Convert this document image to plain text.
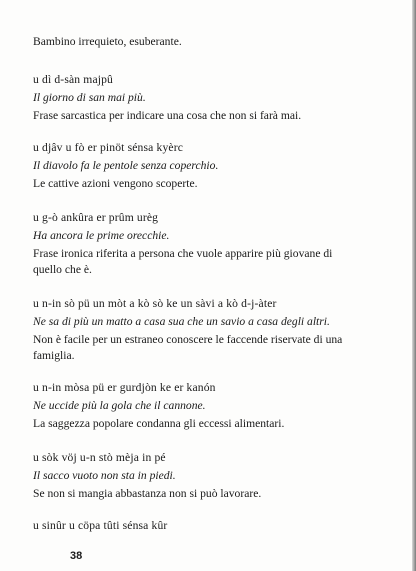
Bambino irrequieto, esuberante.
u dì d-sàn majpû
Il giorno di san mai più.
Frase sarcastica per indicare una cosa che non si farà mai.
u djâv u fò er pinöt sénsa kyèrc
Il diavolo fa le pentole senza coperchio.
Le cattive azioni vengono scoperte.
u g-ò ankûra er prûm urèg
Ha ancora le prime orecchie.
Frase ironica riferita a persona che vuole apparire più giovane di
quello che è.
u n-in sò pü un mòt a kò sò ke un sàvi a kò d-j-àter
Ne sa di più un matto a casa sua che un savio a casa degli altri.
Non è facile per un estraneo conoscere le faccende riservate di una
famiglia.
u n-in mòsa pü er gurdjòn ke er kanón
Ne uccide più la gola che il cannone.
La saggezza popolare condanna gli eccessi alimentari.
u sòk vöj u-n stò mèja in pé
Il sacco vuoto non sta in piedi.
Se non si mangia abbastanza non si può lavorare.
u sinûr u cöpa tûti sénsa kûr
38
